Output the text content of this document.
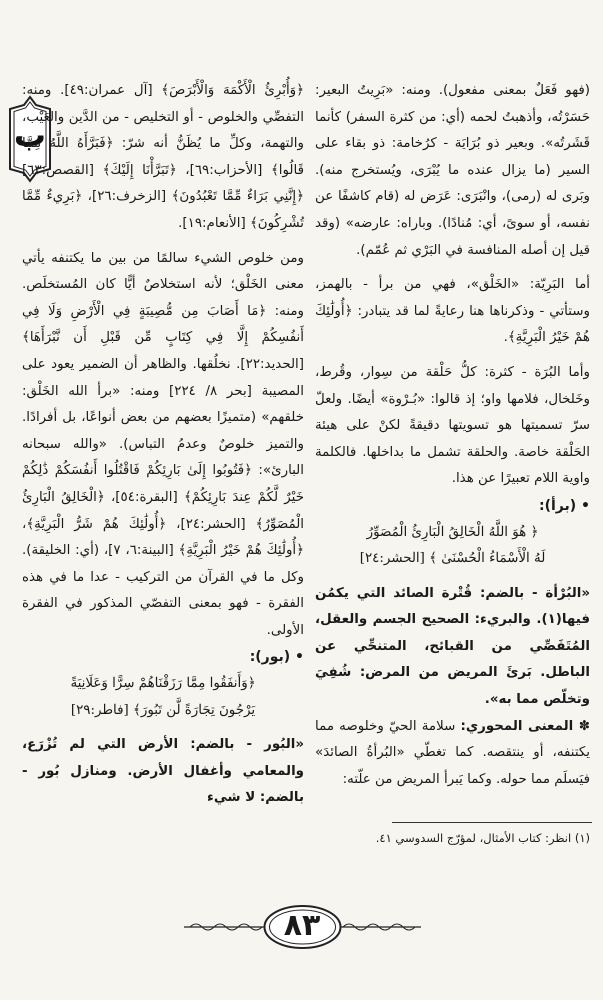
ب

(فهو فَعَلٌ بمعنى مفعول). ومنه: «بَرِيتُ البعير: حَسَرْتُه، وأذهبتُ لحمه (أي: من كثرة السفر) كأنما قَشَرتُه». وبعير ذو بُرَايَة - كرُخامة: ذو بقاء على السير (ما يزال عنده ما يُبْرَى، ويُستخرج منه). وبَرى له (رمى)، وانْبَرَى: عَرَض له (قام كاشفًا عن نفسه، أو سوىً، أي: مُنادًا). وباراه: عارضه» (وقد قيل إن أصله المنافسة في البَرْي ثم عُمّم).

أما البَرِيّة: «الخَلْق»، فهي من برأ - بالهمز، وستأتي - وذكرناها هنا رعايةً لما قد يتبادر: ﴿أُولَٰئِكَ هُمْ خَيْرُ الْبَرِيَّةِ﴾.

وأما البُرَة - كثرة: كلُّ حَلْقة من سِوار، وقُرط، وخَلخال، فلامها واو؛ إذ قالوا: «بُـرْوة» أيضًا. ولعلّ سرّ تسميتها هو تسويتها دقيقةً لكنْ على هيئة الحَلْقة خاصة. والحلقة تشمل ما بداخلها. فالكلمة واوية اللام تعبيرًا عن هذا.

• (برأ):

﴿ هُوَ اللَّهُ الْخَالِقُ الْبَارِئُ الْمُصَوِّرُ

لَهُ الْأَسْمَاءُ الْحُسْنَىٰ ﴾ [الحشر:٢٤]

«البُرْأة - بالضم: قُتْرة الصائد التي يكمُن فيها(١). والبريء: الصحيح الجسم والعقل، المُتَفَصِّي من القبائح، المتنحِّي عن الباطل. بَرئَ المريض من المرض: شُفِيَ وتخلّص مما به».

✽ المعنى المحوري: سلامة الحيّ وخلوصه مما يكتنفه، أو ينتقصه. كما تغطّي «البُرأةُ الصائدَ» فيَسلَم مما حوله. وكما يَبرأ المريض من علّته:

﴿وَأُبْرِئُ الْأَكْمَهَ وَالْأَبْرَصَ﴾ [آل عمران:٤٩]. ومنه: التفصِّي والخلوص - أو التخليص - من الدَّين والعَيْب، والتهمة، وكلِّ ما يُظَنُّ أنه شرّ: ﴿فَبَرَّأَهُ اللَّهُ مِمَّا قَالُوا﴾ [الأحزاب:٦٩]، ﴿تَبَرَّأْنَا إِلَيْكَ﴾ [القصص:٦٣] ﴿إِنَّنِي بَرَاءٌ مِّمَّا تَعْبُدُونَ﴾ [الزخرف:٢٦]، ﴿بَرِيءٌ مِّمَّا تُشْرِكُونَ﴾ [الأنعام:١٩].

ومن خلوص الشيء سالمًا من بين ما يكتنفه يأتي معنى الخَلْق؛ لأنه استخلاصٌ أيًّا كان المُستخلَص. ومنه: ﴿مَا أَصَابَ مِن مُّصِيبَةٍ فِي الْأَرْضِ وَلَا فِي أَنفُسِكُمْ إِلَّا فِي كِتَابٍ مِّن قَبْلِ أَن نَّبْرَأَهَا﴾ [الحديد:٢٢]. نخلُقها. والظاهر أن الضمير يعود على المصيبة [بحر ٨/ ٢٢٤] ومنه: «برأ الله الخَلْق: خلقهم» (متميزًا بعضهم من بعض أنواعًا، بل أفرادًا. والتميز خلوصٌ وعدمُ التباس). «والله سبحانه البارئ»: ﴿فَتُوبُوا إِلَىٰ بَارِئِكُمْ فَاقْتُلُوا أَنفُسَكُمْ ذَٰلِكُمْ خَيْرٌ لَّكُمْ عِندَ بَارِئِكُمْ﴾ [البقرة:٥٤]، ﴿الْخَالِقُ الْبَارِئُ الْمُصَوِّرُ﴾ [الحشر:٢٤]، ﴿أُولَٰئِكَ هُمْ شَرُّ الْبَرِيَّةِ﴾، ﴿أُولَٰئِكَ هُمْ خَيْرُ الْبَرِيَّةِ﴾ [البينة:٦، ٧]، (أي: الخليقة). وكل ما في القرآن من التركيب - عدا ما في هذه الفقرة - فهو بمعنى التفصّي المذكور في الفقرة الأولى.

• (بور):

﴿وَأَنفَقُوا مِمَّا رَزَقْنَاهُمْ سِرًّا وَعَلَانِيَةً

يَرْجُونَ تِجَارَةً لَّن تَبُورَ﴾ [فاطر:٢٩]

«البُور - بالضم: الأرض التي لم تُزْرَع، والمعامي وأغفال الأرض. ومنازل بُور - بالضم: لا شيء

(١) انظر: كتاب الأمثال، لمؤرّج السدوسي ٤١.
٨٣
